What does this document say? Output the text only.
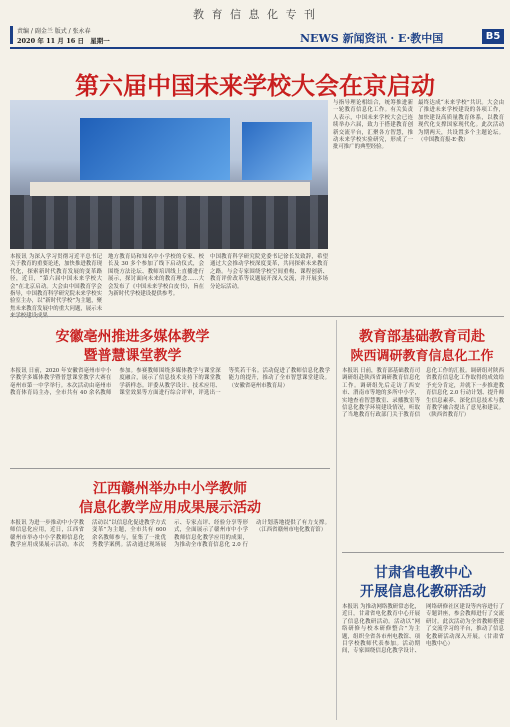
教 育 信 息 化 专 刊
责编 / 副金兰 版式 / 张永春
2020 年 11 月 16 日 星期一	NEWS 新闻资讯 · E·教中国	B5
第六届中国未来学校大会在京启动
本报讯 为深入学习贯彻习近平总书记关于教育的重要论述，加快推进教育现代化，探索新时代教育发展的变革路径，近日，“第六届中国未来学校大会”在北京启动。大会由中国教育学会指导，中国教育科学研究院未来学校实验室主办，以“新时代学校”为主题，聚焦未来教育发展中的重大问题，展示未
地方教育局和知名中小学校的专家、校长及 30 多个参加了线下启动仪式，会围绕方法论坛、教师培训线上直播进行展示，探讨面向未来的教育理念……大会发布了《中国未来学校白皮书》，旨在为新时代学校建设提供参考。
中国教育科学研究院党委书记徐长发致辞，希望通过大会推动学校深度变革，共同探索未来教育之路。与会专家围绕学校空间重构、课程创新、教育评价改革等议题展开深入交流，并开展多场分论坛活动。
与指导理论相结合，统筹推进新一轮教育信息化工作。有关负责人表示，中国未来学校大会已连续举办六届，致力于搭建教育创新交流平台，汇聚各方智慧，推动未来学校实验研究，形成了一批可推广的典型经验。
最终达成“未来学校”共识。大会由了推进未来学校建设的各项工作，加快建设高质量教育体系，以教育现代化支撑国家现代化。此次活动为期两天，共设置多个主题论坛。（中国教育报-E·教）
安徽亳州推进多媒体教学
暨普慧课堂教学
本报讯 日前，2020 年安徽省亳州市中小学教学多媒体教学暨普慧课堂教学大赛在亳州市第一中学举行。本次活动由亳州市教育体育局主办，全市共有 40 余名教师参加。参赛教师围绕多媒体教学与课堂深度融合，展示了信息技术支持下的课堂教学新样态。评委从教学设计、技术应用、课堂效果等方面进行综合评审，评选出一等奖若干名。活动促进了教师信息化教学能力的提升，推动了全市智慧课堂建设。（安徽省亳州市教育局）
江西赣州举办中小学教师
信息化教学应用成果展示活动
本报讯 为进一步推动中小学教师信息化应用，近日，江西省赣州市举办中小学教师信息化教学应用成果展示活动。本次活动以“以信息化促进教学方式变革”为主题，全市共有 600 余名教师参与，征集了一批优秀教学案例。活动通过现场展示、专家点评、经验分享等形式，全面展示了赣州市中小学教师信息化教学应用的成果，为推动全市教育信息化 2.0 行动计划落地提供了有力支撑。（江西省赣州市电化教育馆）
教育部基础教育司赴
陕西调研教育信息化工作
本报讯 日前，教育部基础教育司调研组赴陕西省调研教育信息化工作。调研组先后走访了西安市、渭南市等地的多所中小学，实地查看智慧教室、录播教室等信息化教学环境建设情况，听取了当地教育行政部门关于教育信息化工作的汇报。调研组对陕西省教育信息化工作取得的成效给予充分肯定，并就下一步推进教育信息化 2.0 行动计划、提升师生信息素养、深化信息技术与教育教学融合提出了意见和建议。（陕西省教育厅）
甘肃省电教中心
开展信息化教研活动
本报讯 为推动网络教研常态化，近日，甘肃省电化教育中心开展了信息化教研活动。活动以“网络研修与校本研修整合”为主题，组织全省各市州电教馆、项目学校教师代表参加。活动期间，专家围绕信息化教学设计、网络研修社区建设等内容进行了专题讲座，参会教师进行了交流研讨。此次活动为全省教师搭建了交流学习的平台，推动了信息化教研活动深入开展。（甘肃省电教中心）
